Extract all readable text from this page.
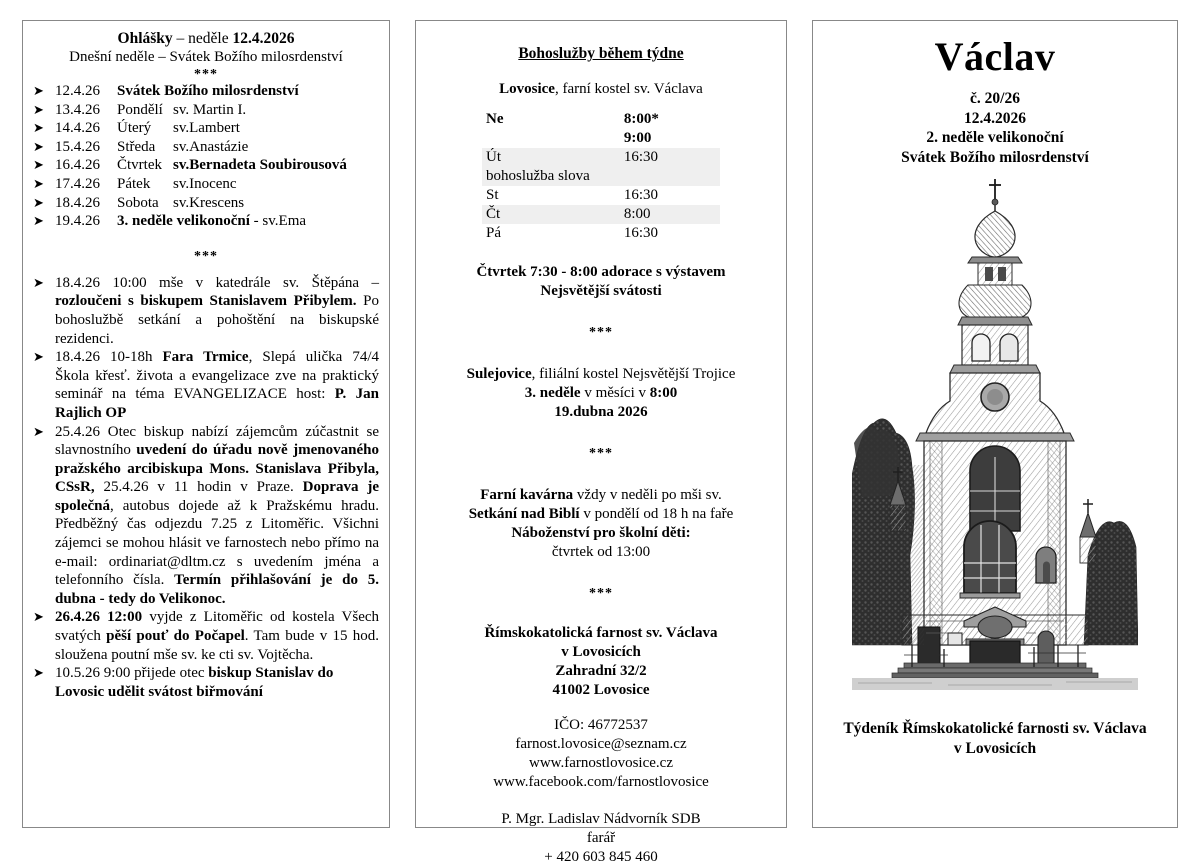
Ohlášky – neděle 12.4.2026
Dnešní neděle – Svátek Božího milosrdenství
***
➤ 12.4.26 Svátek Božího milosrdenství
➤ 13.4.26 Pondělí sv. Martin I.
➤ 14.4.26 Úterý sv.Lambert
➤ 15.4.26 Středa sv.Anastázie
➤ 16.4.26 Čtvrtek sv.Bernadeta Soubirousová
➤ 17.4.26 Pátek sv.Inocenc
➤ 18.4.26 Sobota sv.Krescens
➤ 19.4.26 3. neděle velikonoční - sv.Ema
***
➤ 18.4.26 10:00 mše v katedrále sv. Štěpána – rozloučeni s biskupem Stanislavem Přibylem. Po bohoslužbě setkání a pohoštění na biskupské rezidenci.
➤ 18.4.26 10-18h Fara Trmice, Slepá ulička 74/4 Škola křesť. života a evangelizace zve na praktický seminář na téma EVANGELIZACE host: P. Jan Rajlich OP
➤ 25.4.26 Otec biskup nabízí zájemcům zúčastnit se slavnostního uvedení do úřadu nově jmenovaného pražského arcibiskupa Mons. Stanislava Přibyla, CSsR, 25.4.26 v 11 hodin v Praze. Doprava je společná, autobus dojede až k Pražskému hradu. Předběžný čas odjezdu 7.25 z Litoměřic. Všichni zájemci se mohou hlásit ve farnostech nebo přímo na e-mail: ordinariat@dltm.cz s uvedením jména a telefonního čísla. Termín přihlašování je do 5. dubna - tedy do Velikonoc.
➤ 26.4.26 12:00 vyjde z Litoměřic od kostela Všech svatých pěší pouť do Počapel. Tam bude v 15 hod. sloužena poutní mše sv. ke cti sv. Vojtěcha.
➤ 10.5.26 9:00 přijede otec biskup Stanislav do Lovosic udělit svátost biřmování
Bohoslužby během týdne
Lovosice, farní kostel sv. Václava
Ne	8:00*
	9:00
Út	16:30
bohoslužba slova	
St	16:30
Čt	8:00
Pá	16:30
Čtvrtek 7:30 - 8:00 adorace s výstavem
Nejsvětější svátosti
***
Sulejovice, filiální kostel Nejsvětější Trojice
3. neděle v měsíci v 8:00
19.dubna 2026
***
Farní kavárna vždy v neděli po mši sv.
Setkání nad Biblí v pondělí od 18 h na faře
Náboženství pro školní děti:
čtvrtek od 13:00
***
Římskokatolická farnost sv. Václava
v Lovosicích
Zahradní 32/2
41002 Lovosice
IČO: 46772537
farnost.lovosice@seznam.cz
www.farnostlovosice.cz
www.facebook.com/farnostlovosice
P. Mgr. Ladislav Nádvorník SDB
farář
+ 420 603 845 460
Václav
č. 20/26
12.4.2026
2. neděle velikonoční
Svátek Božího milosrdenství
Týdeník Římskokatolické farnosti sv. Václava
v Lovosicích
